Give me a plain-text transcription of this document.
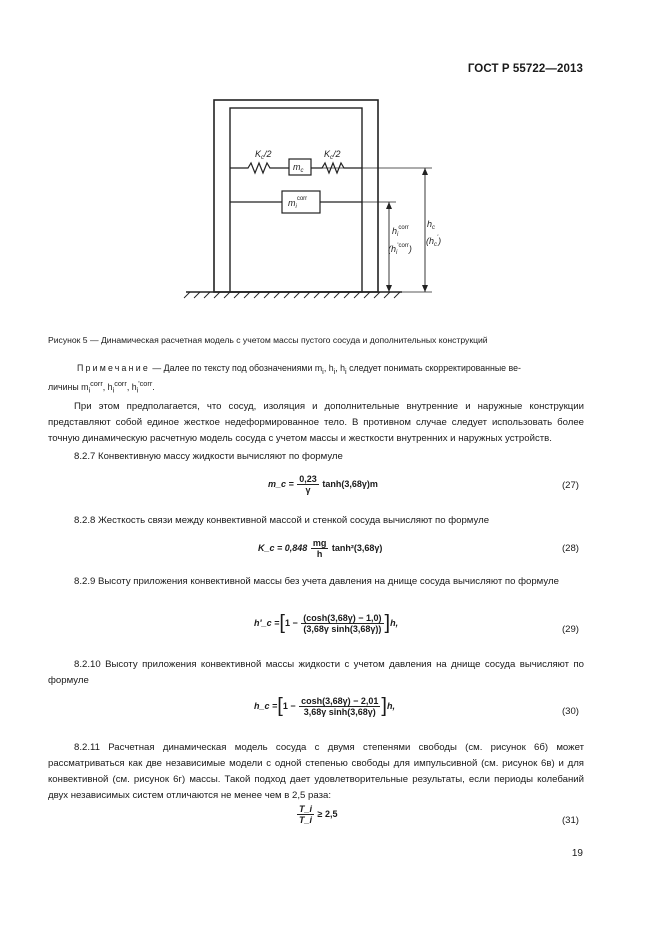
ГОСТ Р 55722—2013
$K_c/2$	$K_c/2$
$m_c$
$m_i^{corr}$
$h_i^{corr}$
$(h_i^{'corr})$
$h_c$
$(h_c')$
Рисунок 5 — Динамическая расчетная модель с учетом массы пустого сосуда и дополнительных конструкций
Примечание — Далее по тексту под обозначениями $m_i$, $h_i$, $h_i$ следует понимать скорректированные ве-
личины $m_i^{corr}$, $h_i^{corr}$, $h_i^{'corr}$.
При этом предполагается, что сосуд, изоляция и дополнительные внутренние и наружные конструкции представляют собой единое жесткое недеформированное тело. В противном случае следует использовать более точную динамическую расчетную модель сосуда с учетом массы и жесткости внутренних и наружных устройств.
8.2.7 Конвективную массу жидкости вычисляют по формуле
m_c = $\frac{0,23}{\gamma} \tanh(3,68\gamma)m$	(27)
8.2.8 Жесткость связи между конвективной массой и стенкой сосуда вычисляют по формуле
K_c = $0,848 \frac{mg}{h} \tanh^2(3,68\gamma)$	(28)
8.2.9 Высоту приложения конвективной массы без учета давления на днище сосуда вычисляют по формуле
h'_c $=[1 - \frac{(\cosh(3,68\gamma) - 1,0)}{\text{(3,68γ sinh(3,68γ))}} ]h$,
(29)
8.2.10 Высоту приложения конвективной массы жидкости с учетом давления на днище сосуда вычисляют по формуле
h_c $=[1 - \frac{\cosh(3,68\gamma) - 2,01}{\text{3,68γ sinh(3,68γ)}} ]h$,
(30)
8.2.11 Расчетная динамическая модель сосуда с двумя степенями свободы (см. рисунок 6б) может рассматриваться как две независимые модели с одной степенью свободы для импульсивной (см. рисунок 6в) и для конвективной (см. рисунок 6г) массы. Такой подход дает удовлетворительные результаты, если периоды колебаний двух независимых систем отличаются не менее чем в 2,5 раза:
$\frac{T\_i}{T\_i} \ge 2,5$
(31)
19
